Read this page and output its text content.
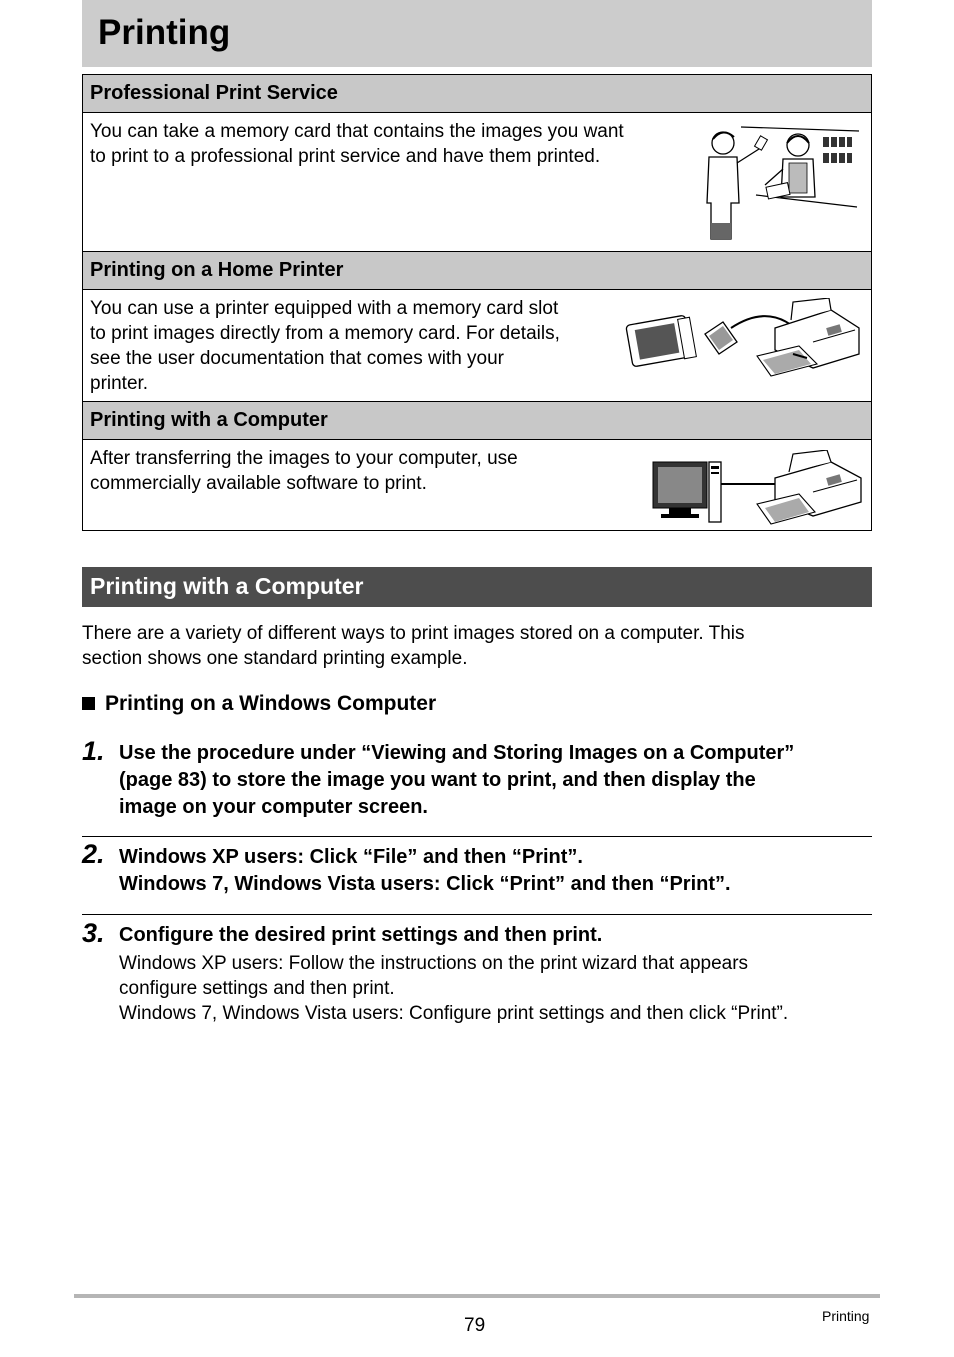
Printing
Professional Print Service
You can take a memory card that contains the images you want
to print to a professional print service and have them printed.
Printing on a Home Printer
You can use a printer equipped with a memory card slot
to print images directly from a memory card. For details,
see the user documentation that comes with your
printer.
Printing with a Computer
After transferring the images to your computer, use
commercially available software to print.
Printing with a Computer
There are a variety of different ways to print images stored on a computer. This
section shows one standard printing example.
Printing on a Windows Computer
1. Use the procedure under “Viewing and Storing Images on a Computer”
(page 83) to store the image you want to print, and then display the
image on your computer screen.
2. Windows XP users: Click “File” and then “Print”.
Windows 7, Windows Vista users: Click “Print” and then “Print”.
3. Configure the desired print settings and then print.
Windows XP users: Follow the instructions on the print wizard that appears
configure settings and then print.
Windows 7, Windows Vista users: Configure print settings and then click “Print”.
79	Printing
